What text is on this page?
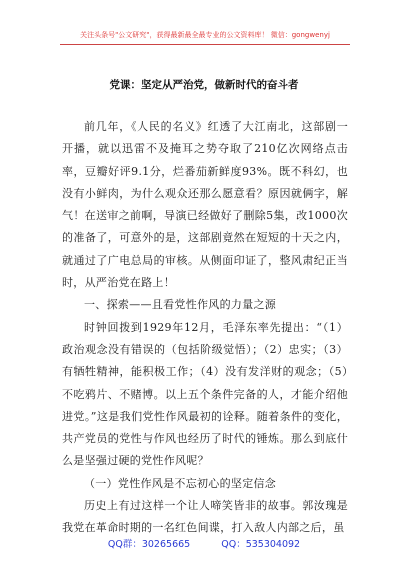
关注头条号"公文研究"，获得最新最全最专业的公文资料库！ 微信：gongwenyj
党课：坚定从严治党，做新时代的奋斗者

前几年，《人民的名义》红透了大江南北，这部剧一开播，就以迅雷不及掩耳之势夺取了210亿次网络点击率，豆瓣好评9.1分，烂番茄新鲜度93%。既不科幻，也没有小鲜肉，为什么观众还那么愿意看？原因就俩字，解气！在送审之前啊，导演已经做好了删除5集，改1000次的准备了，可意外的是，这部剧竟然在短短的十天之内，就通过了广电总局的审核。从侧面印证了，整风肃纪正当时，从严治党在路上！

一、探索——且看党性作风的力量之源

时钟回拨到1929年12月，毛泽东率先提出：“（1）政治观念没有错误的（包括阶级觉悟）；（2）忠实；（3）有牺牲精神，能积极工作；（4）没有发洋财的观念；（5）不吃鸦片、不赌博。以上五个条件完备的人，才能介绍他进党。”这是我们党性作风最初的诠释。随着条件的变化，共产党员的党性与作风也经历了时代的锤炼。那么到底什么是坚强过硬的党性作风呢？

（一）党性作风是不忘初心的坚定信念

历史上有过这样一个让人啼笑皆非的故事。郭汝瑰是我党在革命时期的一名红色间谍，打入敌人内部之后，虽

QQ群：30265665	QQ：535304092
